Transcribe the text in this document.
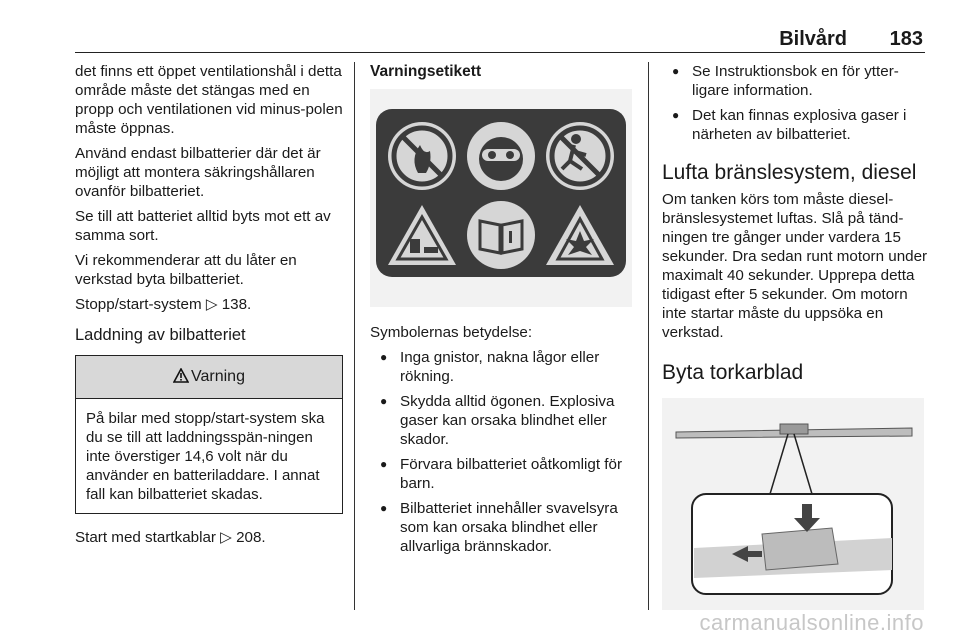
Bilvård 183

det finns ett öppet ventilationshål i detta område måste det stängas med en propp och ventilationen vid minus-polen måste öppnas.

Använd endast bilbatterier där det är möjligt att montera säkringshållaren ovanför bilbatteriet.

Se till att batteriet alltid byts mot ett av samma sort.

Vi rekommenderar att du låter en verkstad byta bilbatteriet.

Stopp/start-system ▷ 138.

Laddning av bilbatteriet
Varning
På bilar med stopp/start-system ska du se till att laddningsspän-ningen inte överstiger 14,6 volt när du använder en batteriladdare. I annat fall kan bilbatteriet skadas.

Start med startkablar ▷ 208.

Varningsetikett

Symbolernas betydelse:

● Inga gnistor, nakna lågor eller rökning.
● Skydda alltid ögonen. Explosiva gaser kan orsaka blindhet eller skador.
● Förvara bilbatteriet oåtkomligt för barn.
● Bilbatteriet innehåller svavelsyra som kan orsaka blindhet eller allvarliga brännskador.
● Se Instruktionsbok en för ytter-ligare information.
● Det kan finnas explosiva gaser i närheten av bilbatteriet.
Lufta bränslesystem, diesel

Om tanken körs tom måste diesel-bränslesystemet luftas. Slå på tänd-ningen tre gånger under vardera 15 sekunder. Dra sedan runt motorn under maximalt 40 sekunder. Upprepa detta tidigast efter 5 sekunder. Om motorn inte startar måste du uppsöka en verkstad.

Byta torkarblad
carmanualsonline.info
